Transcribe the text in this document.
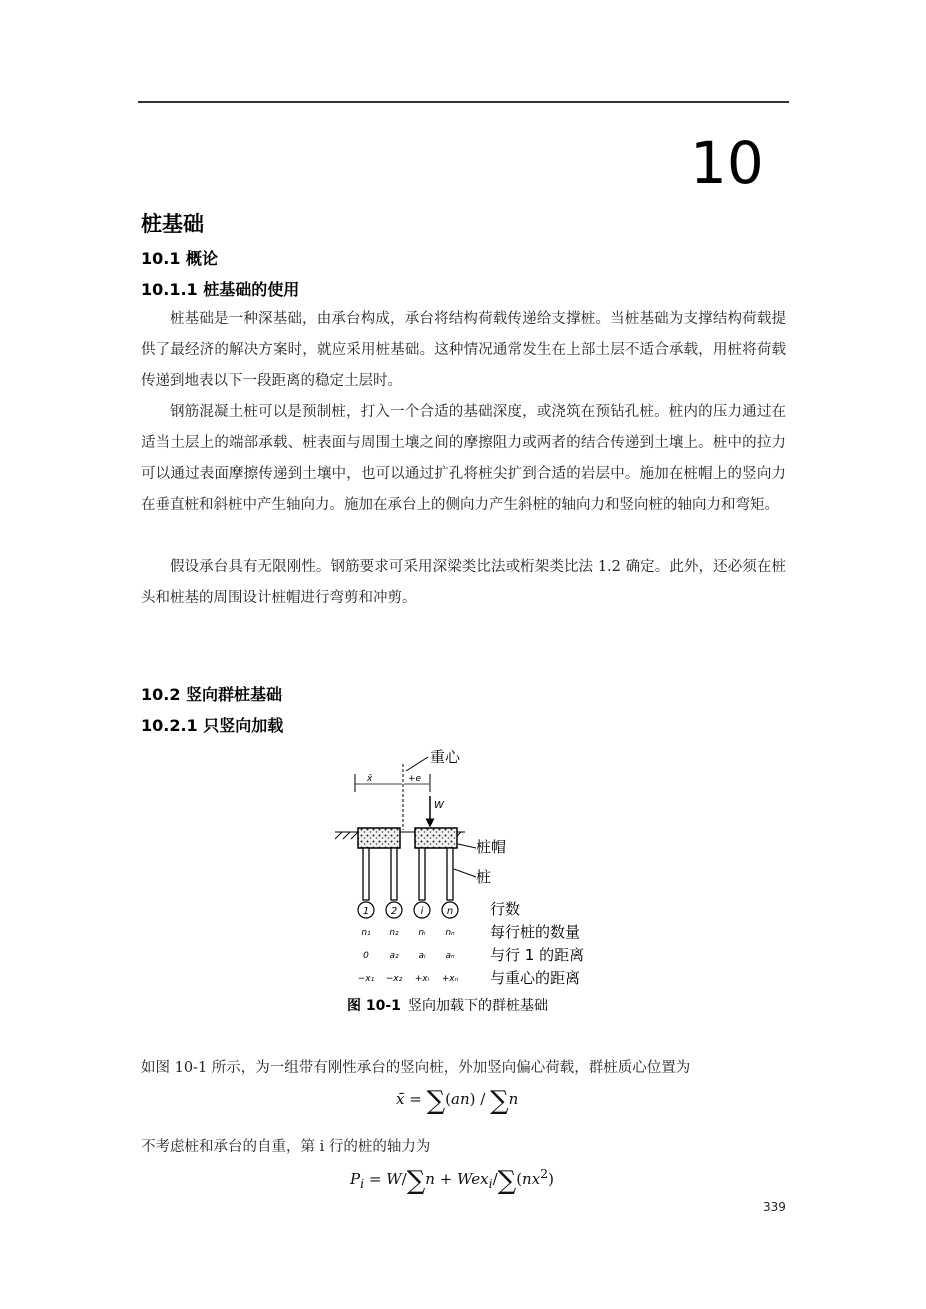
10
桩基础
10.1 概论
10.1.1 桩基础的使用
桩基础是一种深基础，由承台构成，承台将结构荷载传递给支撑桩。当桩基础为支撑结构荷载提供了最经济的解决方案时，就应采用桩基础。这种情况通常发生在上部土层不适合承载，用桩将荷载传递到地表以下一段距离的稳定土层时。
钢筋混凝土桩可以是预制桩，打入一个合适的基础深度，或浇筑在预钻孔桩。桩内的压力通过在适当土层上的端部承载、桩表面与周围土壤之间的摩擦阻力或两者的结合传递到土壤上。桩中的拉力可以通过表面摩擦传递到土壤中，也可以通过扩孔将桩尖扩到合适的岩层中。施加在桩帽上的竖向力在垂直桩和斜桩中产生轴向力。施加在承台上的侧向力产生斜桩的轴向力和竖向桩的轴向力和弯矩。
假设承台具有无限刚性。钢筋要求可采用深梁类比法或桁架类比法 1.2 确定。此外，还必须在桩头和桩基的周围设计桩帽进行弯剪和冲剪。
10.2 竖向群桩基础
10.2.1 只竖向加载
重心
x̄	+e
W
桩帽
桩
1 2 i n
n₁ n₂ nᵢ nₙ
0 a₂ aᵢ aₙ
−x₁ −x₂ +xᵢ +xₙ
行数
每行桩的数量
与行 1 的距离
与重心的距离
图 10-1 竖向加载下的群桩基础
如图 10-1 所示，为一组带有刚性承台的竖向桩，外加竖向偏心荷载，群桩质心位置为
x̄ = ∑(an) / ∑n
不考虑桩和承台的自重，第 i 行的桩的轴力为
$P_i = W/\sum n + Wex_i/\sum(nx^2)$
339
